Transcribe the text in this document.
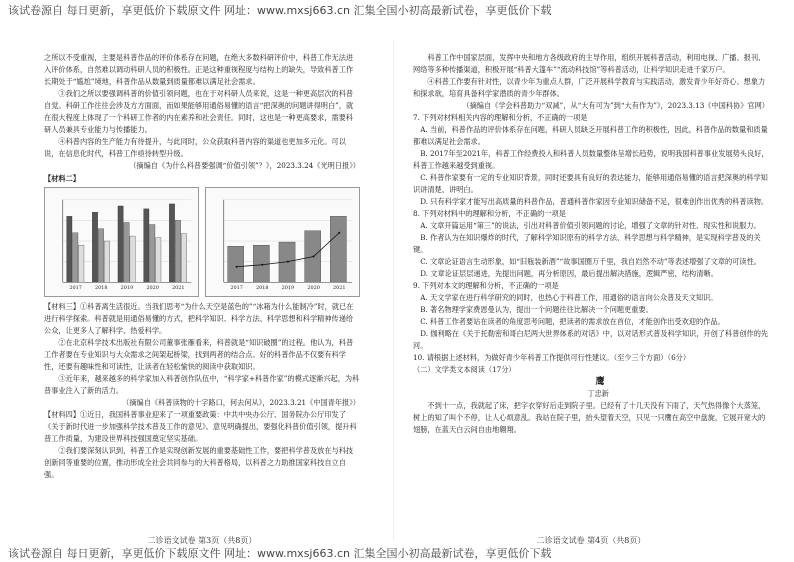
该试卷源自 每日更新，享更低价下载原文件 网址：www.mxsj663.cn 汇集全国小初高最新试卷，享更低价下载

之所以不受重视，主要是科普作品的评价体系存在问题，在绝大多数科研评价中，科普工作无法进入评价体系，自然难以调动科研人员的积极性。正是这种重视程度与结构上的缺失，导致科普工作长期处于“尴尬”境地，科普作品从数量到质量都难以满足社会需求。

③我们之所以要强调科普的价值引领问题，也在于对科研人员来说，这是一种更高层次的科普自觉。科研工作往往会涉及方方面面，而如果能够用通俗易懂的语言“把深奥的问题讲得明白”，就在很大程度上体现了一个科研工作者的内在素养和社会责任。同时，这也是一种更高要求，需要科研人员兼具专业能力与传播能力。

④科普内容的生产能力有待提升，与此同时，公众获取科普内容的渠道也更加多元化。可以说，在信息化时代，科普工作亟待转型升级。

（摘编自《为什么科普要强调“价值引领”？》，2023.3.24《光明日报》）

【材料二】

2017	2018	2019	2020	2021	2017	2018	2019	2020	2021

【材料三】①科普离生活很近。当我们思考“为什么天空是蓝色的”“冰箱为什么能制冷”时，就已在进行科学探索。科普就是用通俗易懂的方式，把科学知识、科学方法、科学思想和科学精神传递给公众，让更多人了解科学、热爱科学。

②在北京科学技术出版社有限公司董事张雁看来，科普就是“知识破圈”的过程。他认为，科普工作者要在专业知识与大众需求之间架起桥梁，找到两者的结合点。好的科普作品不仅要有科学性，还要有趣味性和可读性，让读者在轻松愉快的阅读中获取知识。

③近年来，越来越多的科学家加入科普创作队伍中，“科学家+科普作家”的模式逐渐兴起，为科普事业注入了新的活力。

（摘编自《科普读物的十字路口，何去何从》，2023.3.21《中国青年报》）

【材料四】①近日，我国科普事业迎来了一项重要政策：中共中央办公厅、国务院办公厅印发了《关于新时代进一步加强科学技术普及工作的意见》。意见明确提出，要强化科普价值引领，提升科普工作质量，为建设世界科技强国奠定坚实基础。

②我们要深刻认识到，科普工作是实现创新发展的重要基础性工作，要把科学普及放在与科技创新同等重要的位置，推动形成全社会共同参与的大科普格局，以科普之力助推国家科技自立自强。

二诊语文试卷 第3页（共8页）

科普工作中国家层面，发挥中央和地方各级政府的主导作用，组织开展科普活动，利用电视、广播、报刊、网络等多种传播渠道，积极开展“科普大篷车”“流动科技馆”等科普活动，让科学知识走进千家万户。

④科普工作要有针对性，以青少年为重点人群，广泛开展科学教育与实践活动，激发青少年好奇心、想象力和探求欲，培育具备科学家潜质的青少年群体。

（摘编自《学会科普助力“双减”，从“大有可为”到“大有作为”》，2023.3.13《中国科协》官网）

7. 下列对材料相关内容的理解和分析，不正确的一项是

A. 当前，科普作品的评价体系存在问题，科研人员缺乏开展科普工作的积极性，因此，科普作品的数量和质量都难以满足社会需求。

B. 2017年至2021年，科普工作经费投入和科普人员数量整体呈增长趋势，说明我国科普事业发展势头良好，科普工作越来越受到重视。

C. 科普作家要有一定的专业知识背景，同时还要具有良好的表达能力，能够用通俗易懂的语言把深奥的科学知识讲清楚、讲明白。

D. 只有科学家才能写出高质量的科普作品，普通科普作家因专业知识储备不足，很难创作出优秀的科普读物。

8. 下列对材料中的理解和分析，不正确的一项是

A. 文章开篇运用“第三”的说法，引出对科普价值引领问题的讨论，增强了文章的针对性、现实性和说服力。

B. 作者认为在知识爆炸的时代，了解科学知识原有的科学方法、科学思想与科学精神，是实现科学普及的关键。

C. 文章论证语言生动形象，如“旧瓶装新酒”“故事国圈万千里，我自岿然不动”等表述增强了文章的可读性。

D. 文章论证层层递进，先提出问题，再分析原因，最后提出解决措施，逻辑严密，结构清晰。

9. 下列对本文的理解和分析，不正确的一项是

A. 天文学家在进行科学研究的同时，也热心于科普工作，用通俗的语言向公众普及天文知识。

B. 著名物理学家费恩曼认为，提出一个问题往往比解决一个问题更重要。

C. 科普工作者要站在读者的角度思考问题，把读者的需求放在首位，才能创作出受欢迎的作品。

D. 伽利略在《关于托勒密和哥白尼两大世界体系的对话》中，以对话形式普及科学知识，开创了科普创作的先河。

10. 请根据上述材料，为做好青少年科普工作提供可行性建议。（至少三个方面）（6分）

（二）文学类文本阅读（17分）

鹰

丁忠新

不到十一点，我就起了床，把字衣穿好后走到院子里。已经有了十几天没有下雨了，天气热得像个大蒸笼，树上的知了叫个不停，让人心烦意乱。我站在院子里，抬头望着天空，只见一只鹰在高空中盘旋，它展开宽大的翅膀，在蓝天白云间自由地翱翔。

二诊语文试卷 第4页（共8页）
该试卷源自 每日更新，享更低价下载原文件 网址：www.mxsj663.cn 汇集全国小初高最新试卷，享更低价下载
